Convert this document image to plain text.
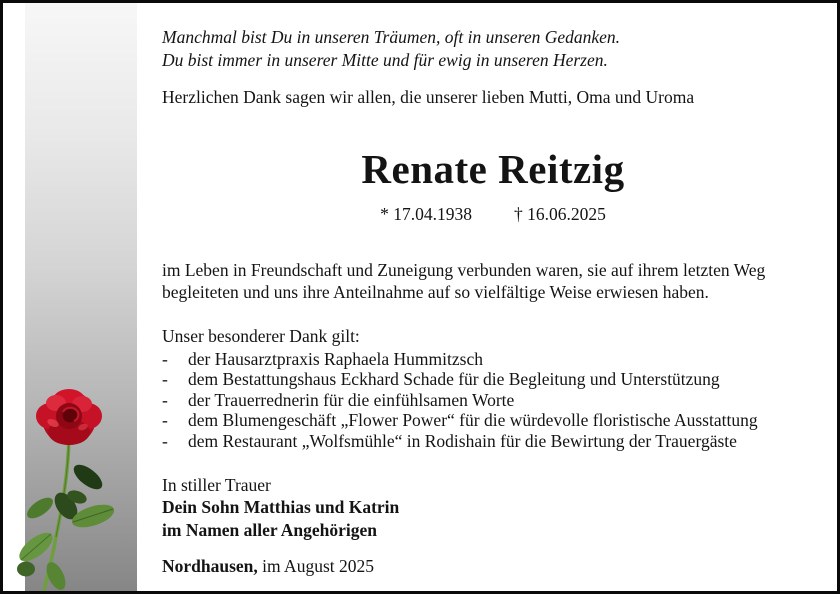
Manchmal bist Du in unseren Träumen, oft in unseren Gedanken.
Du bist immer in unserer Mitte und für ewig in unseren Herzen.
Herzlichen Dank sagen wir allen, die unserer lieben Mutti, Oma und Uroma
Renate Reitzig
* 17.04.1938 † 16.06.2025
im Leben in Freundschaft und Zuneigung verbunden waren, sie auf ihrem letzten Weg
begleiteten und uns ihre Anteilnahme auf so vielfältige Weise erwiesen haben.
Unser besonderer Dank gilt:
-	der Hausarztpraxis Raphaela Hummitzsch
-	dem Bestattungshaus Eckhard Schade für die Begleitung und Unterstützung
-	der Trauerrednerin für die einfühlsamen Worte
-	dem Blumengeschäft „Flower Power“ für die würdevolle floristische Ausstattung
-	dem Restaurant „Wolfsmühle“ in Rodishain für die Bewirtung der Trauergäste
In stiller Trauer
Dein Sohn Matthias und Katrin
im Namen aller Angehörigen
Nordhausen, im August 2025
